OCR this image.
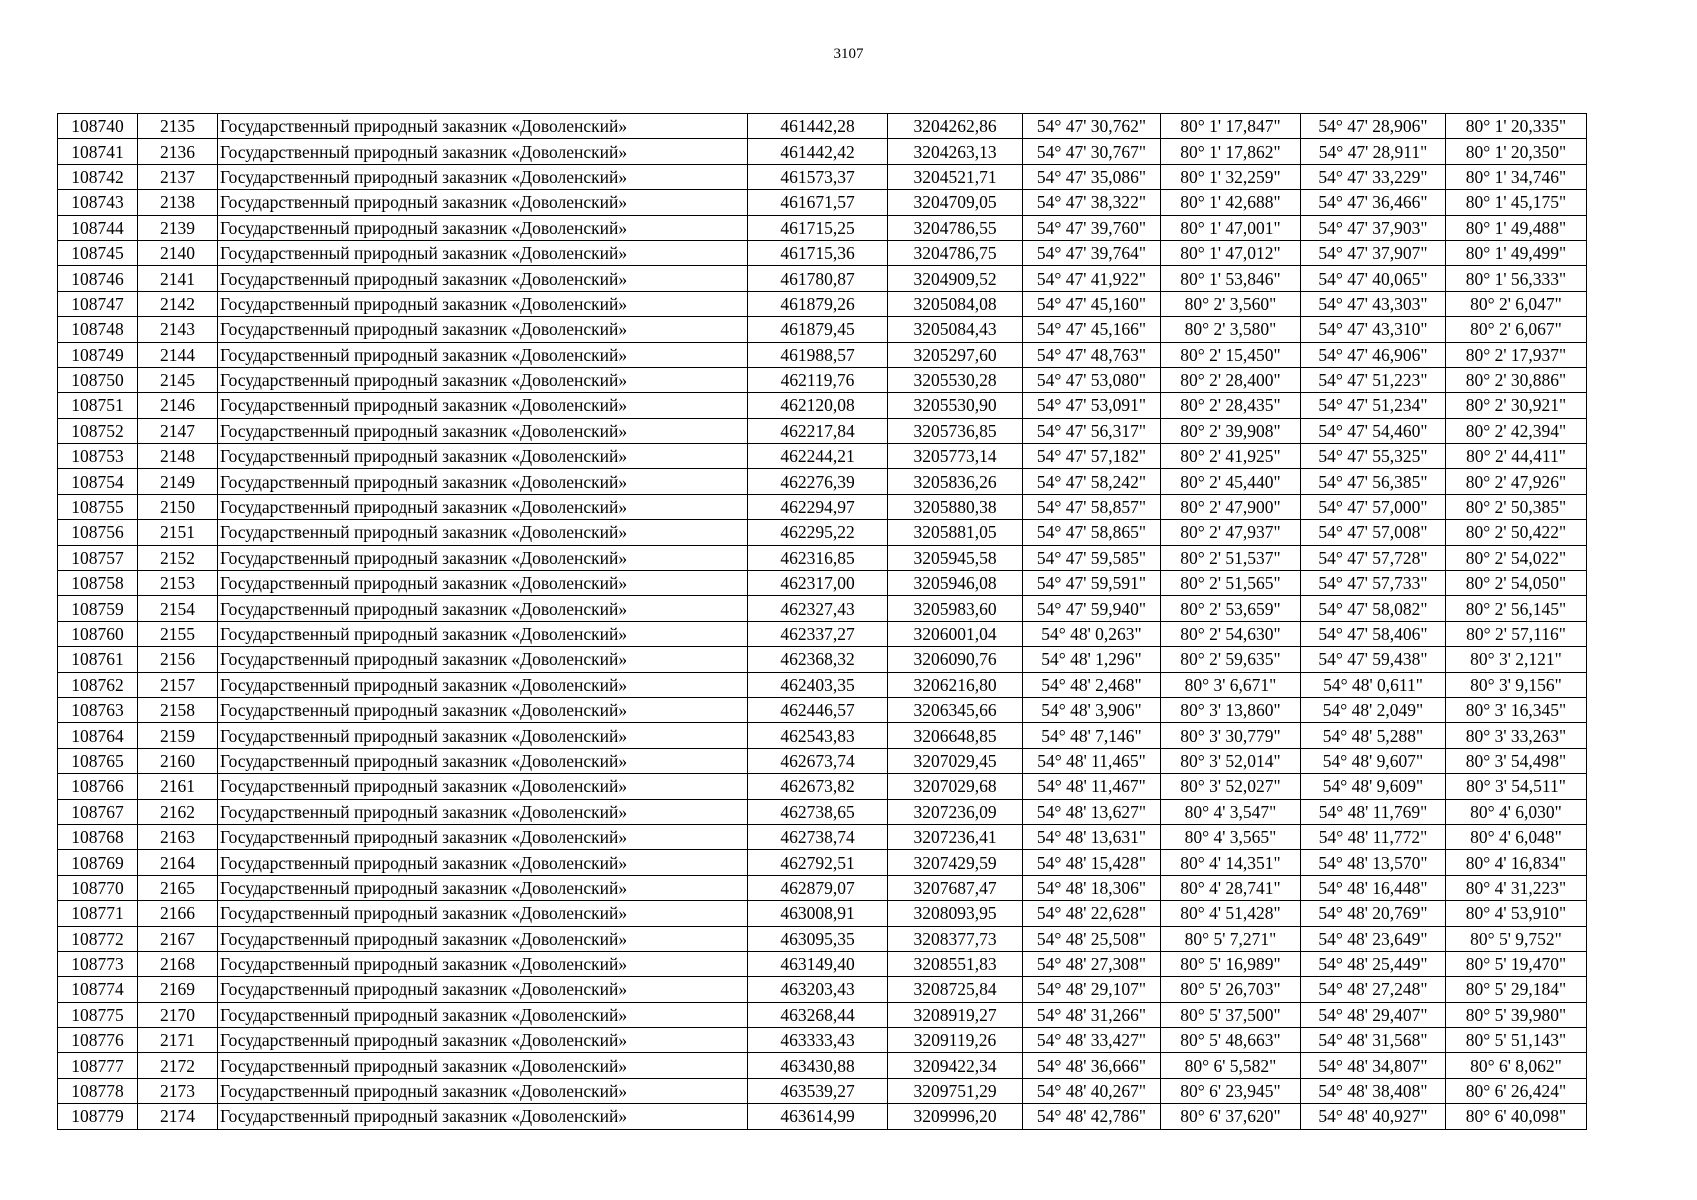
3107
108740	2135	Государственный природный заказник «Доволенский»	461442,28	3204262,86	54° 47' 30,762"	80° 1' 17,847"	54° 47' 28,906"	80° 1' 20,335"
108741	2136	Государственный природный заказник «Доволенский»	461442,42	3204263,13	54° 47' 30,767"	80° 1' 17,862"	54° 47' 28,911"	80° 1' 20,350"
108742	2137	Государственный природный заказник «Доволенский»	461573,37	3204521,71	54° 47' 35,086"	80° 1' 32,259"	54° 47' 33,229"	80° 1' 34,746"
108743	2138	Государственный природный заказник «Доволенский»	461671,57	3204709,05	54° 47' 38,322"	80° 1' 42,688"	54° 47' 36,466"	80° 1' 45,175"
108744	2139	Государственный природный заказник «Доволенский»	461715,25	3204786,55	54° 47' 39,760"	80° 1' 47,001"	54° 47' 37,903"	80° 1' 49,488"
108745	2140	Государственный природный заказник «Доволенский»	461715,36	3204786,75	54° 47' 39,764"	80° 1' 47,012"	54° 47' 37,907"	80° 1' 49,499"
108746	2141	Государственный природный заказник «Доволенский»	461780,87	3204909,52	54° 47' 41,922"	80° 1' 53,846"	54° 47' 40,065"	80° 1' 56,333"
108747	2142	Государственный природный заказник «Доволенский»	461879,26	3205084,08	54° 47' 45,160"	80° 2' 3,560"	54° 47' 43,303"	80° 2' 6,047"
108748	2143	Государственный природный заказник «Доволенский»	461879,45	3205084,43	54° 47' 45,166"	80° 2' 3,580"	54° 47' 43,310"	80° 2' 6,067"
108749	2144	Государственный природный заказник «Доволенский»	461988,57	3205297,60	54° 47' 48,763"	80° 2' 15,450"	54° 47' 46,906"	80° 2' 17,937"
108750	2145	Государственный природный заказник «Доволенский»	462119,76	3205530,28	54° 47' 53,080"	80° 2' 28,400"	54° 47' 51,223"	80° 2' 30,886"
108751	2146	Государственный природный заказник «Доволенский»	462120,08	3205530,90	54° 47' 53,091"	80° 2' 28,435"	54° 47' 51,234"	80° 2' 30,921"
108752	2147	Государственный природный заказник «Доволенский»	462217,84	3205736,85	54° 47' 56,317"	80° 2' 39,908"	54° 47' 54,460"	80° 2' 42,394"
108753	2148	Государственный природный заказник «Доволенский»	462244,21	3205773,14	54° 47' 57,182"	80° 2' 41,925"	54° 47' 55,325"	80° 2' 44,411"
108754	2149	Государственный природный заказник «Доволенский»	462276,39	3205836,26	54° 47' 58,242"	80° 2' 45,440"	54° 47' 56,385"	80° 2' 47,926"
108755	2150	Государственный природный заказник «Доволенский»	462294,97	3205880,38	54° 47' 58,857"	80° 2' 47,900"	54° 47' 57,000"	80° 2' 50,385"
108756	2151	Государственный природный заказник «Доволенский»	462295,22	3205881,05	54° 47' 58,865"	80° 2' 47,937"	54° 47' 57,008"	80° 2' 50,422"
108757	2152	Государственный природный заказник «Доволенский»	462316,85	3205945,58	54° 47' 59,585"	80° 2' 51,537"	54° 47' 57,728"	80° 2' 54,022"
108758	2153	Государственный природный заказник «Доволенский»	462317,00	3205946,08	54° 47' 59,591"	80° 2' 51,565"	54° 47' 57,733"	80° 2' 54,050"
108759	2154	Государственный природный заказник «Доволенский»	462327,43	3205983,60	54° 47' 59,940"	80° 2' 53,659"	54° 47' 58,082"	80° 2' 56,145"
108760	2155	Государственный природный заказник «Доволенский»	462337,27	3206001,04	54° 48' 0,263"	80° 2' 54,630"	54° 47' 58,406"	80° 2' 57,116"
108761	2156	Государственный природный заказник «Доволенский»	462368,32	3206090,76	54° 48' 1,296"	80° 2' 59,635"	54° 47' 59,438"	80° 3' 2,121"
108762	2157	Государственный природный заказник «Доволенский»	462403,35	3206216,80	54° 48' 2,468"	80° 3' 6,671"	54° 48' 0,611"	80° 3' 9,156"
108763	2158	Государственный природный заказник «Доволенский»	462446,57	3206345,66	54° 48' 3,906"	80° 3' 13,860"	54° 48' 2,049"	80° 3' 16,345"
108764	2159	Государственный природный заказник «Доволенский»	462543,83	3206648,85	54° 48' 7,146"	80° 3' 30,779"	54° 48' 5,288"	80° 3' 33,263"
108765	2160	Государственный природный заказник «Доволенский»	462673,74	3207029,45	54° 48' 11,465"	80° 3' 52,014"	54° 48' 9,607"	80° 3' 54,498"
108766	2161	Государственный природный заказник «Доволенский»	462673,82	3207029,68	54° 48' 11,467"	80° 3' 52,027"	54° 48' 9,609"	80° 3' 54,511"
108767	2162	Государственный природный заказник «Доволенский»	462738,65	3207236,09	54° 48' 13,627"	80° 4' 3,547"	54° 48' 11,769"	80° 4' 6,030"
108768	2163	Государственный природный заказник «Доволенский»	462738,74	3207236,41	54° 48' 13,631"	80° 4' 3,565"	54° 48' 11,772"	80° 4' 6,048"
108769	2164	Государственный природный заказник «Доволенский»	462792,51	3207429,59	54° 48' 15,428"	80° 4' 14,351"	54° 48' 13,570"	80° 4' 16,834"
108770	2165	Государственный природный заказник «Доволенский»	462879,07	3207687,47	54° 48' 18,306"	80° 4' 28,741"	54° 48' 16,448"	80° 4' 31,223"
108771	2166	Государственный природный заказник «Доволенский»	463008,91	3208093,95	54° 48' 22,628"	80° 4' 51,428"	54° 48' 20,769"	80° 4' 53,910"
108772	2167	Государственный природный заказник «Доволенский»	463095,35	3208377,73	54° 48' 25,508"	80° 5' 7,271"	54° 48' 23,649"	80° 5' 9,752"
108773	2168	Государственный природный заказник «Доволенский»	463149,40	3208551,83	54° 48' 27,308"	80° 5' 16,989"	54° 48' 25,449"	80° 5' 19,470"
108774	2169	Государственный природный заказник «Доволенский»	463203,43	3208725,84	54° 48' 29,107"	80° 5' 26,703"	54° 48' 27,248"	80° 5' 29,184"
108775	2170	Государственный природный заказник «Доволенский»	463268,44	3208919,27	54° 48' 31,266"	80° 5' 37,500"	54° 48' 29,407"	80° 5' 39,980"
108776	2171	Государственный природный заказник «Доволенский»	463333,43	3209119,26	54° 48' 33,427"	80° 5' 48,663"	54° 48' 31,568"	80° 5' 51,143"
108777	2172	Государственный природный заказник «Доволенский»	463430,88	3209422,34	54° 48' 36,666"	80° 6' 5,582"	54° 48' 34,807"	80° 6' 8,062"
108778	2173	Государственный природный заказник «Доволенский»	463539,27	3209751,29	54° 48' 40,267"	80° 6' 23,945"	54° 48' 38,408"	80° 6' 26,424"
108779	2174	Государственный природный заказник «Доволенский»	463614,99	3209996,20	54° 48' 42,786"	80° 6' 37,620"	54° 48' 40,927"	80° 6' 40,098"
